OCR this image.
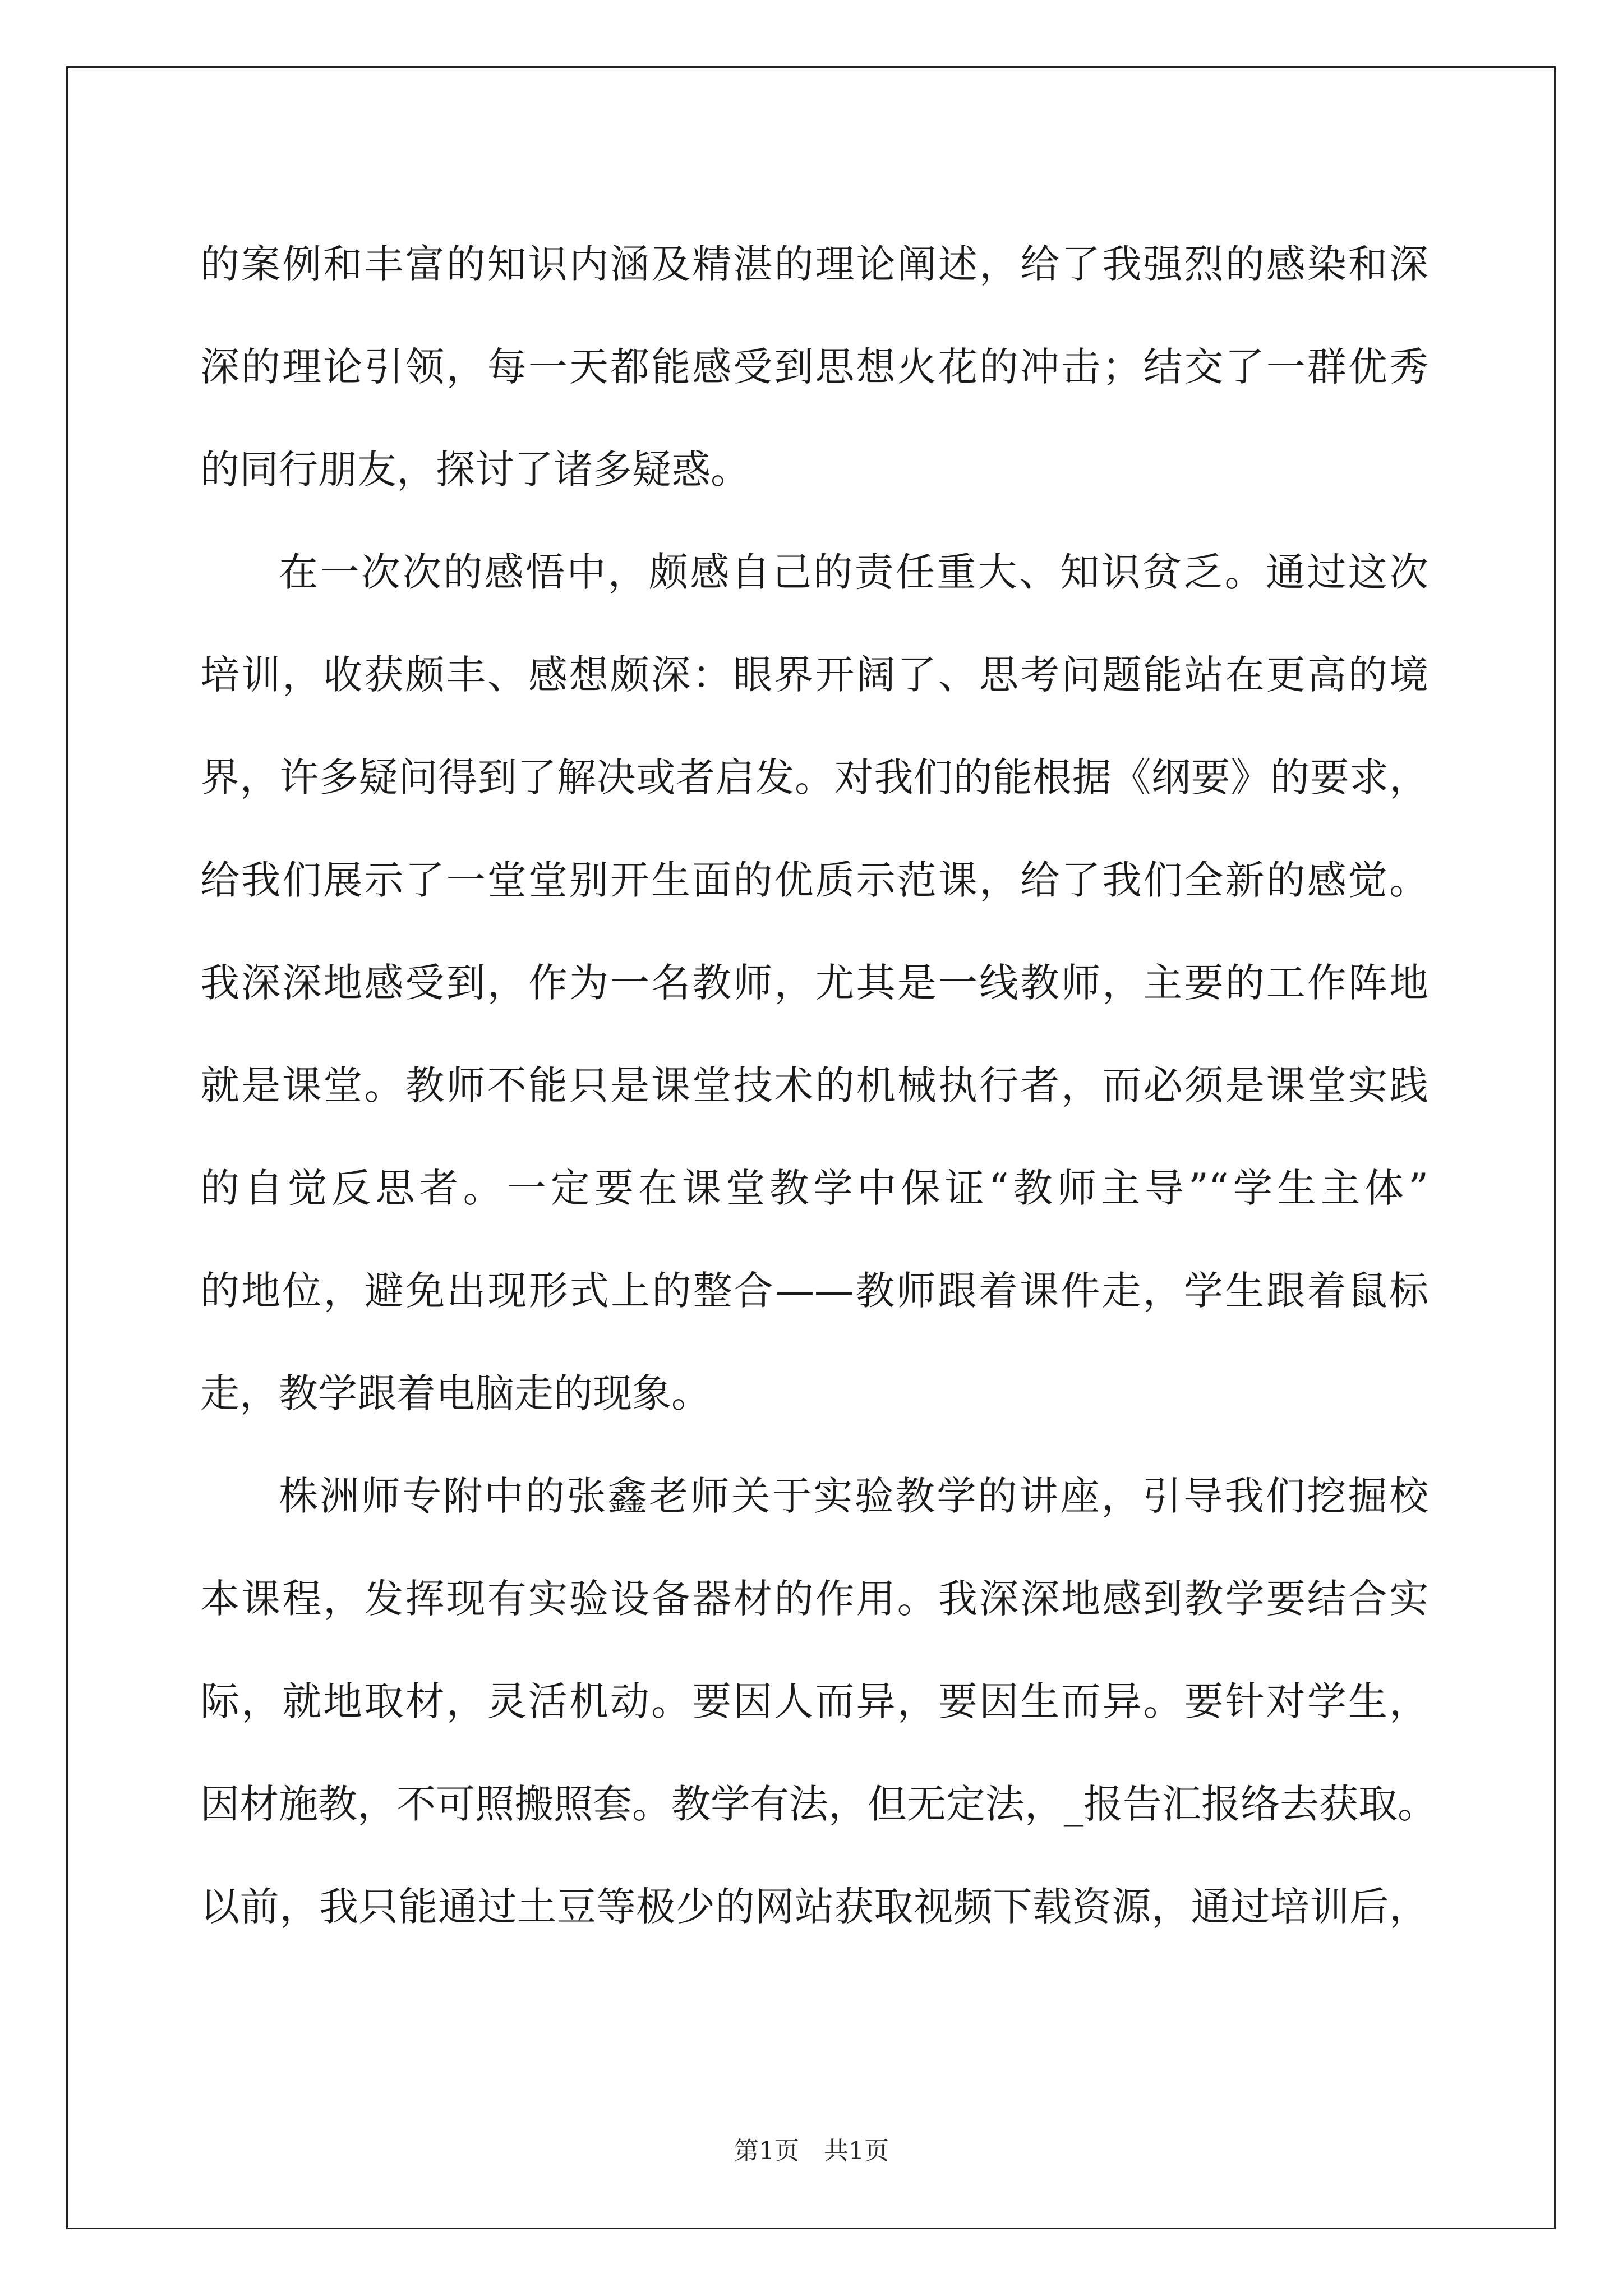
的案例和丰富的知识内涵及精湛的理论阐述，给了我强烈的感染和深
深的理论引领，每一天都能感受到思想火花的冲击；结交了一群优秀
的同行朋友，探讨了诸多疑惑。
在一次次的感悟中，颇感自己的责任重大、知识贫乏。通过这次
培训，收获颇丰、感想颇深：眼界开阔了、思考问题能站在更高的境
界，许多疑问得到了解决或者启发。对我们的能根据《纲要》的要求，
给我们展示了一堂堂别开生面的优质示范课，给了我们全新的感觉。
我深深地感受到，作为一名教师，尤其是一线教师，主要的工作阵地
就是课堂。教师不能只是课堂技术的机械执行者，而必须是课堂实践
的自觉反思者。一定要在课堂教学中保证“教师主导”“学生主体”
的地位，避免出现形式上的整合——教师跟着课件走，学生跟着鼠标
走，教学跟着电脑走的现象。
株洲师专附中的张鑫老师关于实验教学的讲座，引导我们挖掘校
本课程，发挥现有实验设备器材的作用。我深深地感到教学要结合实
际，就地取材，灵活机动。要因人而异，要因生而异。要针对学生，
因材施教，不可照搬照套。教学有法，但无定法，_报告汇报络去获取。
以前，我只能通过土豆等极少的网站获取视频下载资源，通过培训后，
第1页　共1页
